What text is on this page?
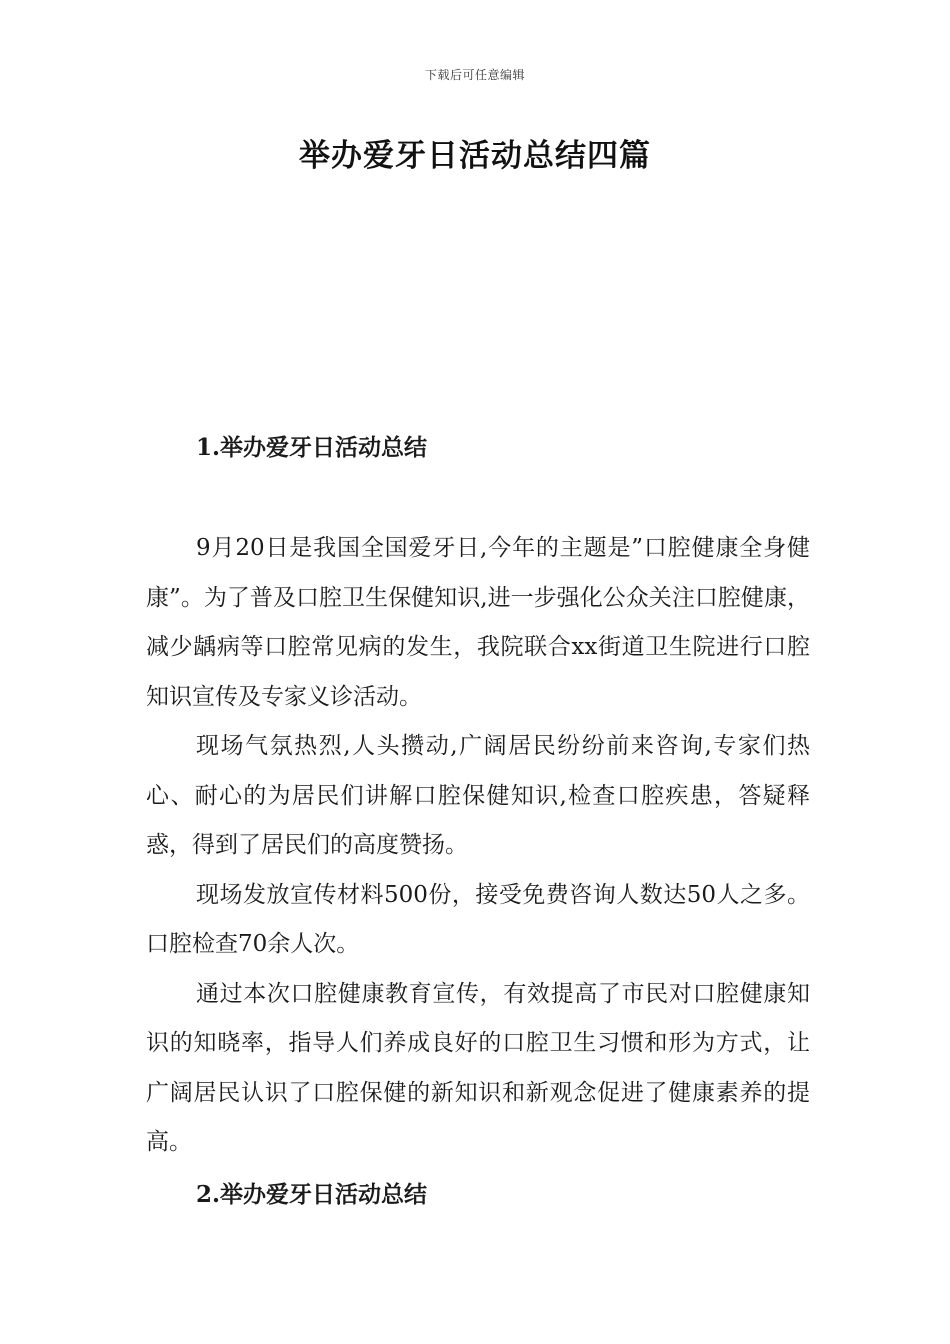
下载后可任意编辑
举办爱牙日活动总结四篇
1.举办爱牙日活动总结

9月20日是我国全国爱牙日,今年的主题是”口腔健康全身健康”。为了普及口腔卫生保健知识,进一步强化公众关注口腔健康，减少龋病等口腔常见病的发生，我院联合xx街道卫生院进行口腔知识宣传及专家义诊活动。

现场气氛热烈,人头攒动,广阔居民纷纷前来咨询,专家们热心、耐心的为居民们讲解口腔保健知识,检查口腔疾患，答疑释惑，得到了居民们的高度赞扬。

现场发放宣传材料500份，接受免费咨询人数达50人之多。口腔检查70余人次。

通过本次口腔健康教育宣传，有效提高了市民对口腔健康知识的知晓率，指导人们养成良好的口腔卫生习惯和形为方式，让广阔居民认识了口腔保健的新知识和新观念促进了健康素养的提高。

2.举办爱牙日活动总结
